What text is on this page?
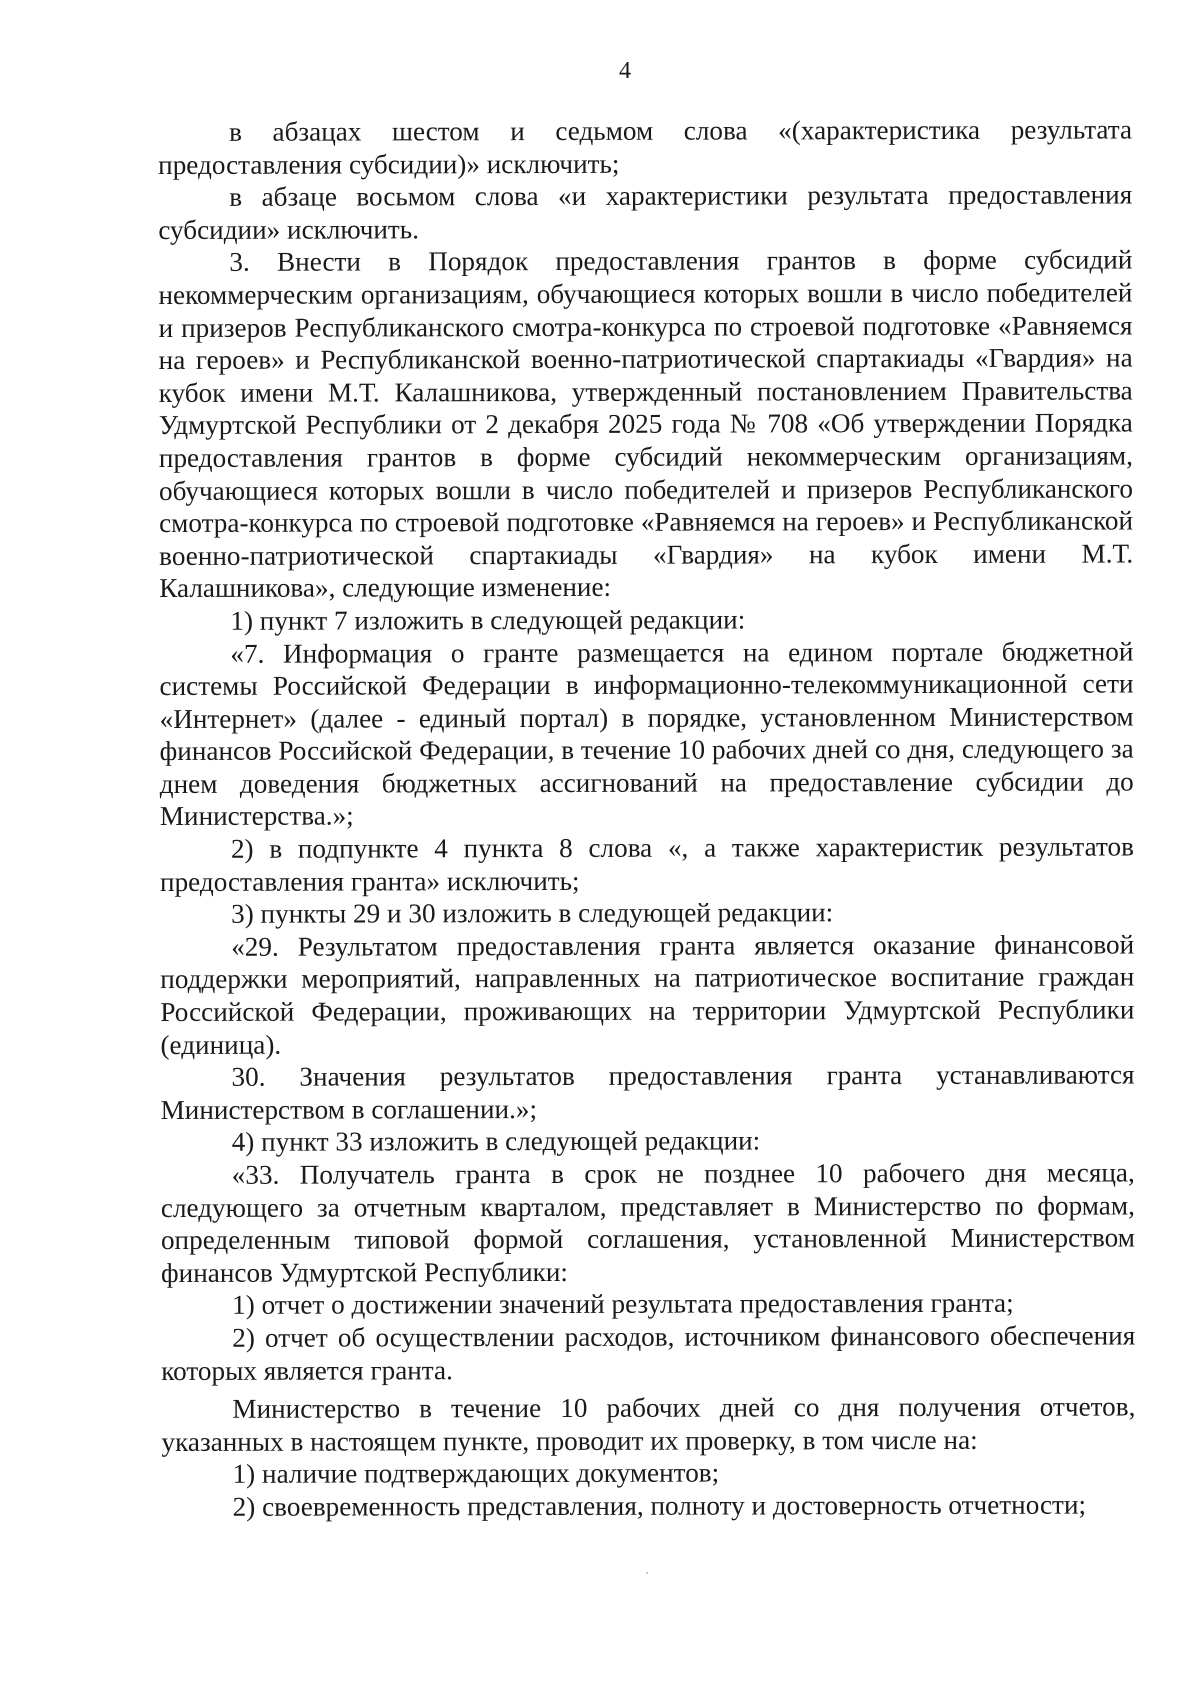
4

в абзацах шестом и седьмом слова «(характеристика результата предоставления субсидии)» исключить;

в абзаце восьмом слова «и характеристики результата предоставления субсидии» исключить.

3. Внести в Порядок предоставления грантов в форме субсидий некоммерческим организациям, обучающиеся которых вошли в число победителей и призеров Республиканского смотра-конкурса по строевой подготовке «Равняемся на героев» и Республиканской военно-патриотической спартакиады «Гвардия» на кубок имени М.Т. Калашникова, утвержденный постановлением Правительства Удмуртской Республики от 2 декабря 2025 года № 708 «Об утверждении Порядка предоставления грантов в форме субсидий некоммерческим организациям, обучающиеся которых вошли в число победителей и призеров Республиканского смотра-конкурса по строевой подготовке «Равняемся на героев» и Республиканской военно-патриотической спартакиады «Гвардия» на кубок имени М.Т. Калашникова», следующие изменение:

1) пункт 7 изложить в следующей редакции:

«7. Информация о гранте размещается на едином портале бюджетной системы Российской Федерации в информационно-телекоммуникационной сети «Интернет» (далее - единый портал) в порядке, установленном Министерством финансов Российской Федерации, в течение 10 рабочих дней со дня, следующего за днем доведения бюджетных ассигнований на предоставление субсидии до Министерства.»;

2) в подпункте 4 пункта 8 слова «, а также характеристик результатов предоставления гранта» исключить;

3) пункты 29 и 30 изложить в следующей редакции:

«29. Результатом предоставления гранта является оказание финансовой поддержки мероприятий, направленных на патриотическое воспитание граждан Российской Федерации, проживающих на территории Удмуртской Республики (единица).

30. Значения результатов предоставления гранта устанавливаются Министерством в соглашении.»;

4) пункт 33 изложить в следующей редакции:

«33. Получатель гранта в срок не позднее 10 рабочего дня месяца, следующего за отчетным кварталом, представляет в Министерство по формам, определенным типовой формой соглашения, установленной Министерством финансов Удмуртской Республики:

1) отчет о достижении значений результата предоставления гранта;

2) отчет об осуществлении расходов, источником финансового обеспечения которых является гранта.

Министерство в течение 10 рабочих дней со дня получения отчетов, указанных в настоящем пункте, проводит их проверку, в том числе на:

1) наличие подтверждающих документов;

2) своевременность представления, полноту и достоверность отчетности;
